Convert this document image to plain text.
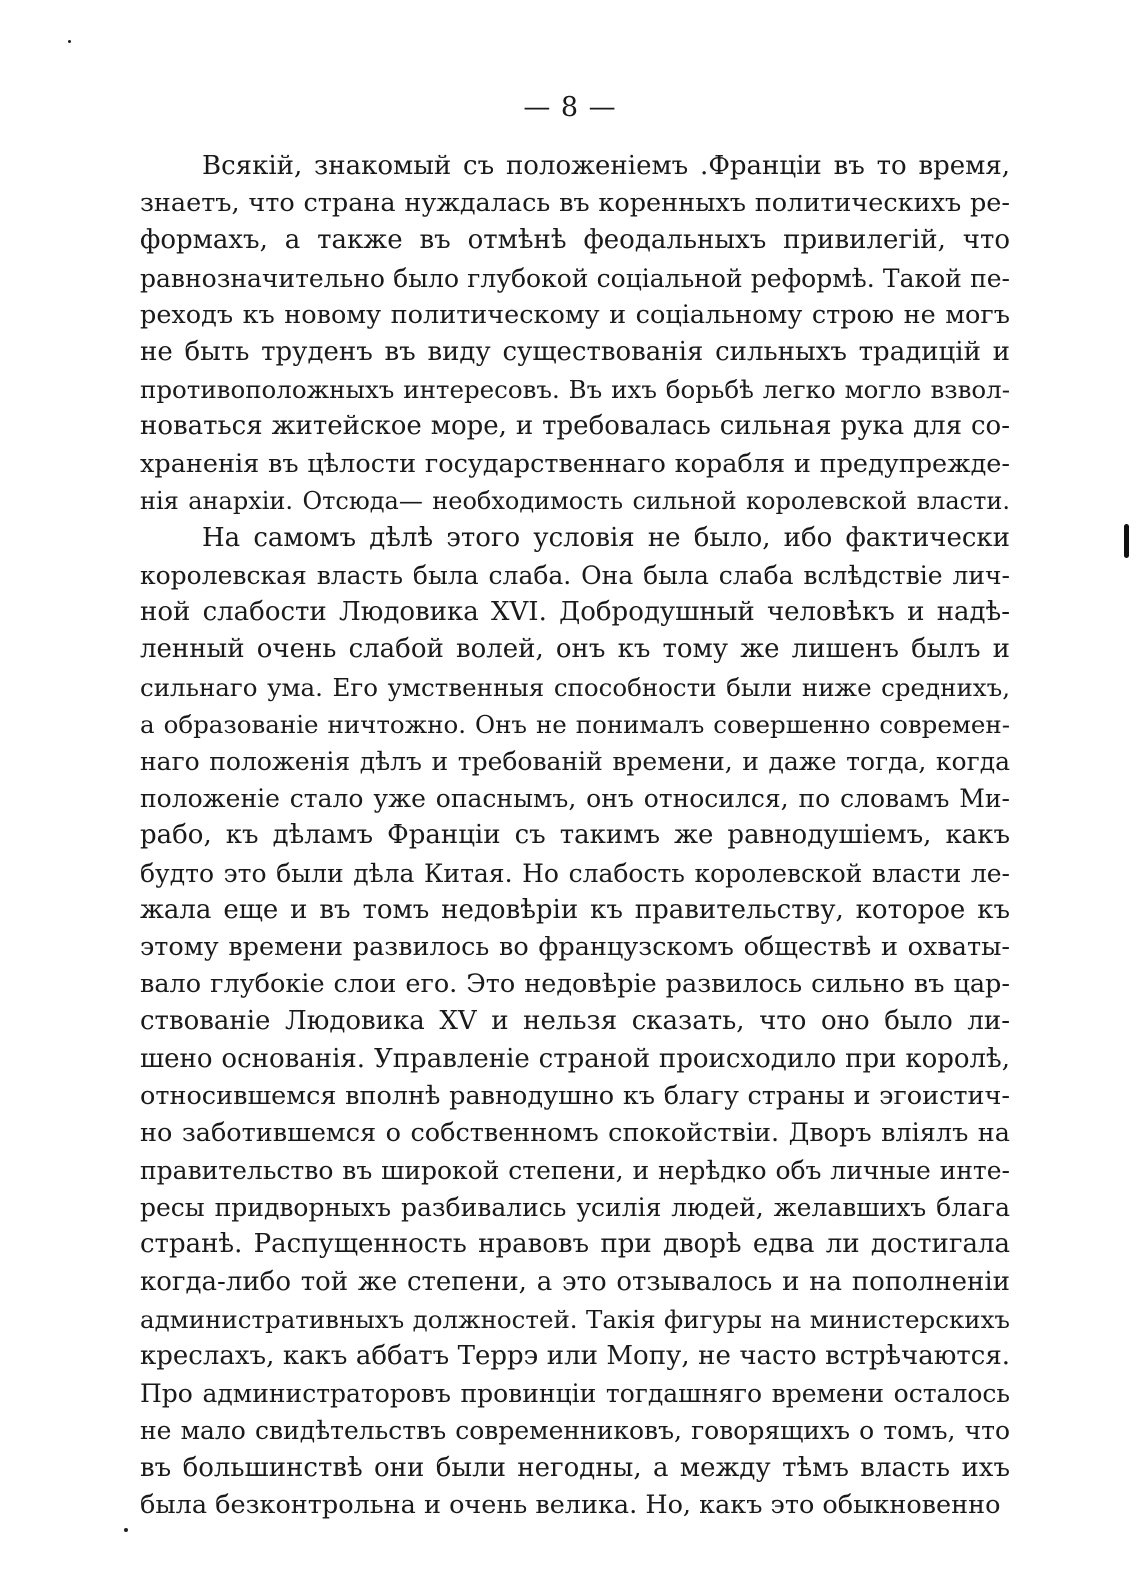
— 8 —
Всякій, знакомый съ положеніемъ .Франціи въ то время,
знаетъ, что страна нуждалась въ коренныхъ политическихъ ре-
формахъ, а также въ отмѣнѣ феодальныхъ привилегій, что
равнозначительно было глубокой соціальной реформѣ. Такой пе-
реходъ къ новому политическому и соціальному строю не могъ
не быть труденъ въ виду существованія сильныхъ традицій и
противоположныхъ интересовъ. Въ ихъ борьбѣ легко могло взвол-
новаться житейское море, и требовалась сильная рука для со-
храненія въ цѣлости государственнаго корабля и предупрежде-
нія анархіи. Отсюда— необходимость сильной королевской власти.
На самомъ дѣлѣ этого условія не было, ибо фактически
королевская власть была слаба. Она была слаба вслѣдствіе лич-
ной слабости Людовика XVI. Добродушный человѣкъ и надѣ-
ленный очень слабой волей, онъ къ тому же лишенъ былъ и
сильнаго ума. Его умственныя способности были ниже среднихъ,
а образованіе ничтожно. Онъ не понималъ совершенно современ-
наго положенія дѣлъ и требованій времени, и даже тогда, когда
положеніе стало уже опаснымъ, онъ относился, по словамъ Ми-
рабо, къ дѣламъ Франціи съ такимъ же равнодушіемъ, какъ
будто это были дѣла Китая. Но слабость королевской власти ле-
жала еще и въ томъ недовѣріи къ правительству, которое къ
этому времени развилось во французскомъ обществѣ и охваты-
вало глубокіе слои его. Это недовѣріе развилось сильно въ цар-
ствованіе Людовика XV и нельзя сказать, что оно было ли-
шено основанія. Управленіе страной происходило при королѣ,
относившемся вполнѣ равнодушно къ благу страны и эгоистич-
но заботившемся о собственномъ спокойствіи. Дворъ вліялъ на
правительство въ широкой степени, и нерѣдко объ личные инте-
ресы придворныхъ разбивались усилія людей, желавшихъ блага
странѣ. Распущенность нравовъ при дворѣ едва ли достигала
когда-либо той же степени, а это отзывалось и на пополненіи
административныхъ должностей. Такія фигуры на министерскихъ
креслахъ, какъ аббатъ Террэ или Мопу, не часто встрѣчаются.
Про администраторовъ провинціи тогдашняго времени осталось
не мало свидѣтельствъ современниковъ, говорящихъ о томъ, что
въ большинствѣ они были негодны, а между тѣмъ власть ихъ
была безконтрольна и очень велика. Но, какъ это обыкновенно
